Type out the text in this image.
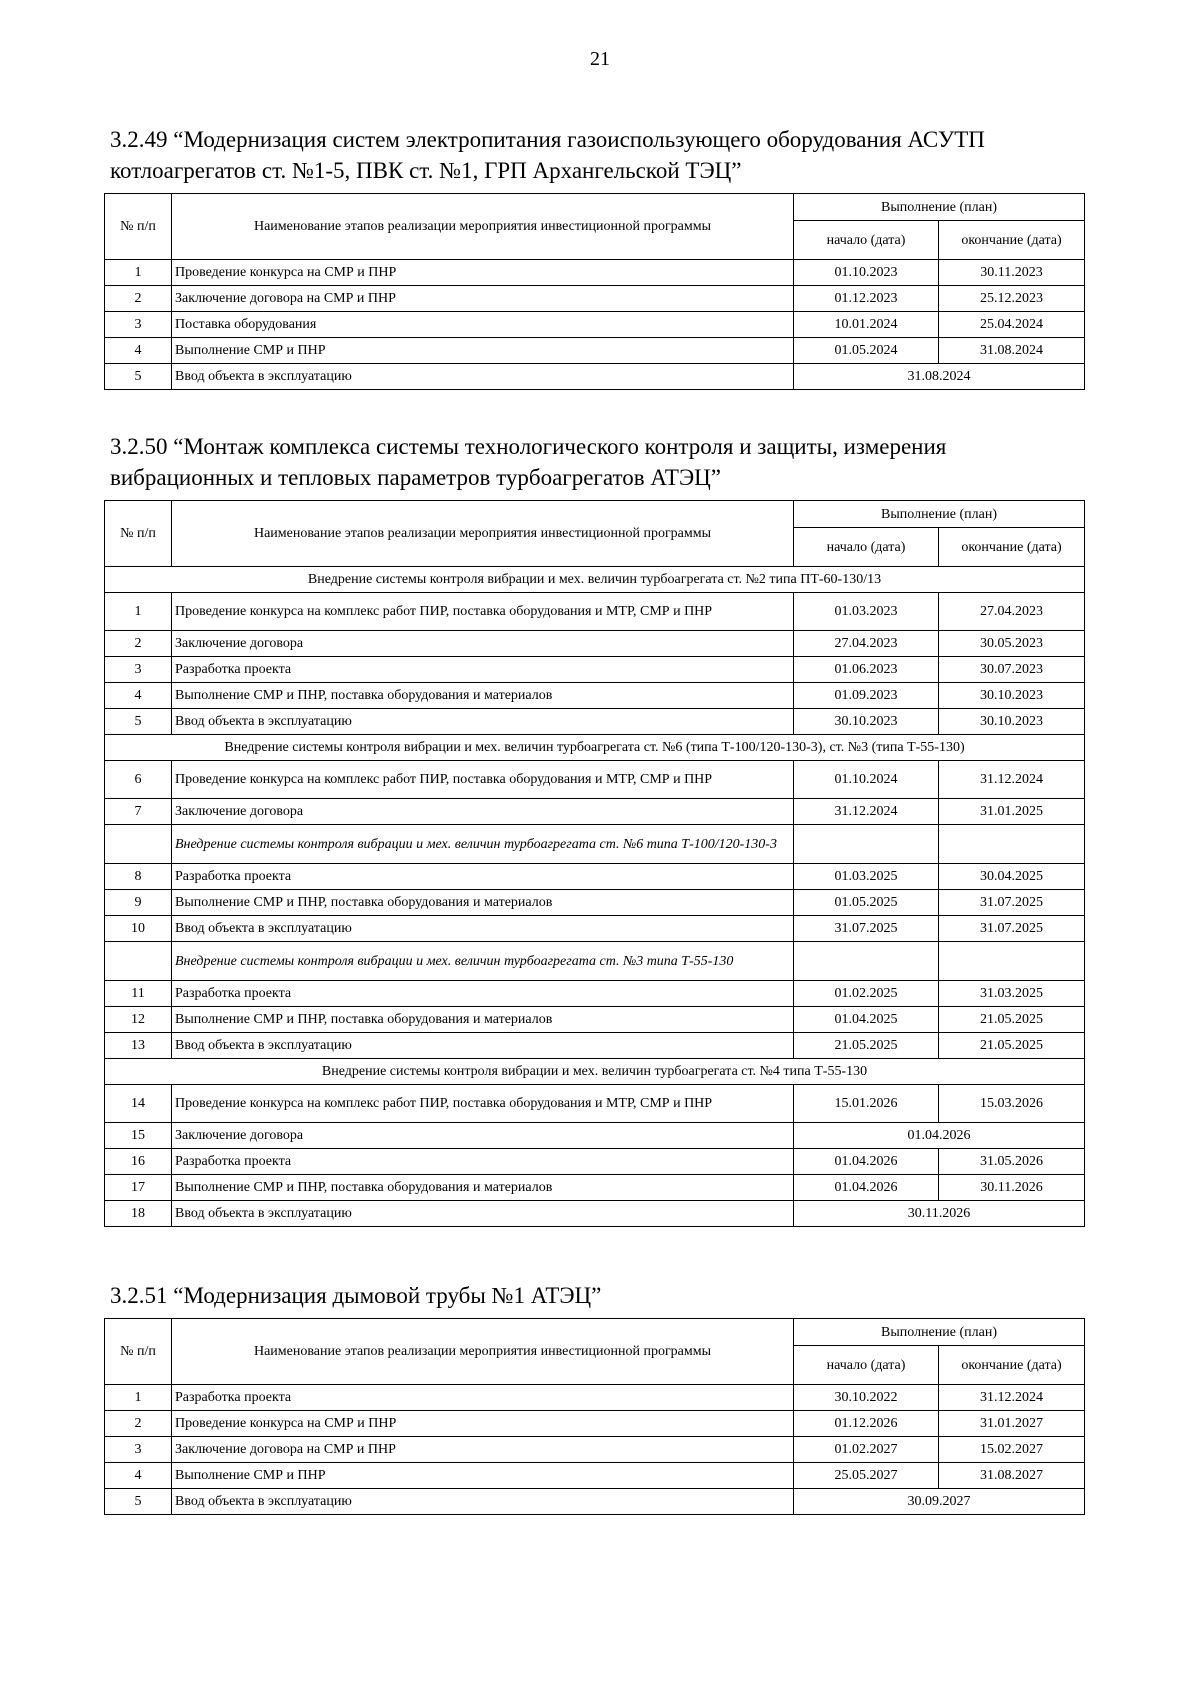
21
3.2.49 “Модернизация систем электропитания газоиспользующего оборудования АСУТП котлоагрегатов ст. №1-5, ПВК ст. №1, ГРП Архангельской ТЭЦ”
№ п/п	Наименование этапов реализации мероприятия инвестиционной программы	Выполнение (план)	
		начало (дата)	окончание (дата)
1	Проведение конкурса на СМР и ПНР	01.10.2023	30.11.2023
2	Заключение договора на СМР и ПНР	01.12.2023	25.12.2023
3	Поставка оборудования	10.01.2024	25.04.2024
4	Выполнение СМР и ПНР	01.05.2024	31.08.2024
5	Ввод объекта в эксплуатацию	31.08.2024	
3.2.50 “Монтаж комплекса системы технологического контроля и защиты, измерения вибрационных и тепловых параметров турбоагрегатов АТЭЦ”
№ п/п	Наименование этапов реализации мероприятия инвестиционной программы	Выполнение (план)	
		начало (дата)	окончание (дата)
Внедрение системы контроля вибрации и мех. величин турбоагрегата ст. №2 типа ПТ-60-130/13			
1	Проведение конкурса на комплекс работ ПИР, поставка оборудования и МТР, СМР и ПНР	01.03.2023	27.04.2023
2	Заключение договора	27.04.2023	30.05.2023
3	Разработка проекта	01.06.2023	30.07.2023
4	Выполнение СМР и ПНР, поставка оборудования и материалов	01.09.2023	30.10.2023
5	Ввод объекта в эксплуатацию	30.10.2023	30.10.2023
Внедрение системы контроля вибрации и мех. величин турбоагрегата ст. №6 (типа Т-100/120-130-3), ст. №3 (типа Т-55-130)			
6	Проведение конкурса на комплекс работ ПИР, поставка оборудования и МТР, СМР и ПНР	01.10.2024	31.12.2024
7	Заключение договора	31.12.2024	31.01.2025
	Внедрение системы контроля вибрации и мех. величин турбоагрегата ст. №6 типа Т-100/120-130-3		
8	Разработка проекта	01.03.2025	30.04.2025
9	Выполнение СМР и ПНР, поставка оборудования и материалов	01.05.2025	31.07.2025
10	Ввод объекта в эксплуатацию	31.07.2025	31.07.2025
	Внедрение системы контроля вибрации и мех. величин турбоагрегата ст. №3 типа Т-55-130		
11	Разработка проекта	01.02.2025	31.03.2025
12	Выполнение СМР и ПНР, поставка оборудования и материалов	01.04.2025	21.05.2025
13	Ввод объекта в эксплуатацию	21.05.2025	21.05.2025
Внедрение системы контроля вибрации и мех. величин турбоагрегата ст. №4 типа Т-55-130			
14	Проведение конкурса на комплекс работ ПИР, поставка оборудования и МТР, СМР и ПНР	15.01.2026	15.03.2026
15	Заключение договора	01.04.2026	
16	Разработка проекта	01.04.2026	31.05.2026
17	Выполнение СМР и ПНР, поставка оборудования и материалов	01.04.2026	30.11.2026
18	Ввод объекта в эксплуатацию	30.11.2026	
3.2.51 “Модернизация дымовой трубы №1 АТЭЦ”
№ п/п	Наименование этапов реализации мероприятия инвестиционной программы	Выполнение (план)	
		начало (дата)	окончание (дата)
1	Разработка проекта	30.10.2022	31.12.2024
2	Проведение конкурса на СМР и ПНР	01.12.2026	31.01.2027
3	Заключение договора на СМР и ПНР	01.02.2027	15.02.2027
4	Выполнение СМР и ПНР	25.05.2027	31.08.2027
5	Ввод объекта в эксплуатацию	30.09.2027	
